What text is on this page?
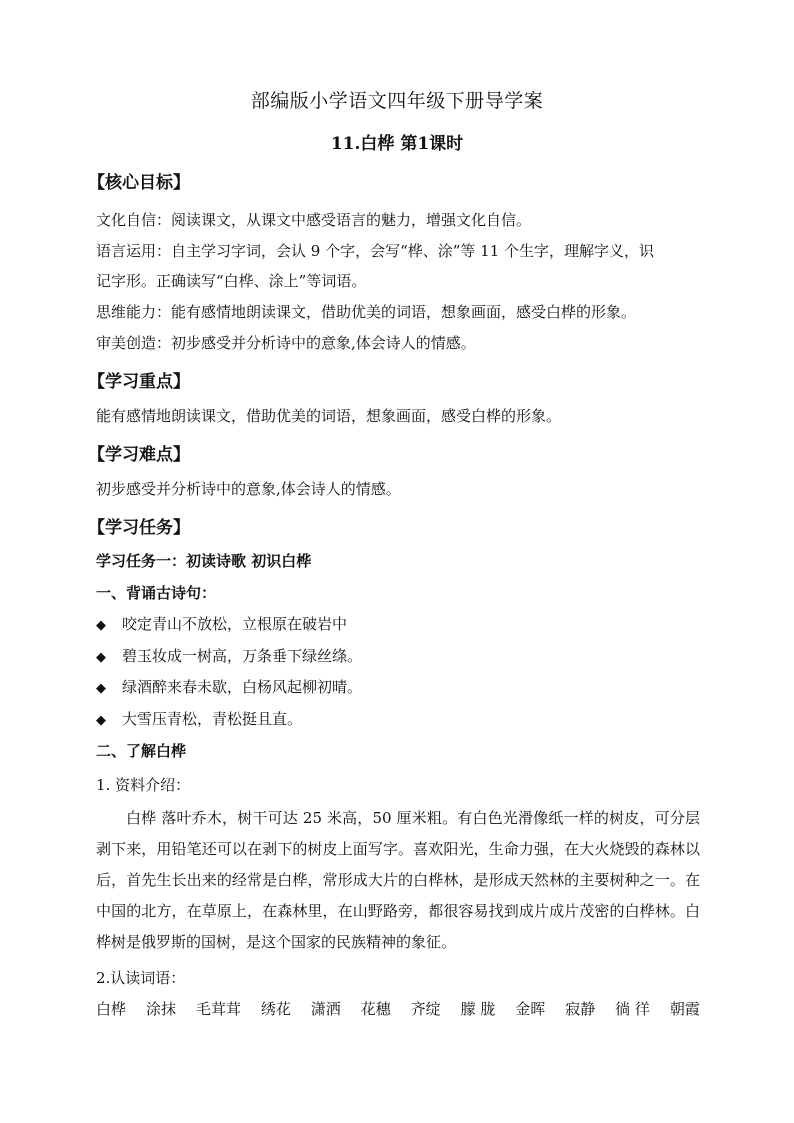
部编版小学语文四年级下册导学案
11.白桦 第1课时
【核心目标】
文化自信：阅读课文，从课文中感受语言的魅力，增强文化自信。
语言运用：自主学习字词，会认 9 个字，会写“桦、涂”等 11 个生字，理解字义，识
记字形。正确读写“白桦、涂上”等词语。
思维能力：能有感情地朗读课文，借助优美的词语，想象画面，感受白桦的形象。
审美创造：初步感受并分析诗中的意象,体会诗人的情感。
【学习重点】
能有感情地朗读课文，借助优美的词语，想象画面，感受白桦的形象。
【学习难点】
初步感受并分析诗中的意象,体会诗人的情感。
【学习任务】
学习任务一：初读诗歌 初识白桦
一、背诵古诗句：
◆ 咬定青山不放松，立根原在破岩中
◆ 碧玉妆成一树高，万条垂下绿丝绦。
◆ 绿酒醉来春未歇，白杨风起柳初晴。
◆ 大雪压青松，青松挺且直。
二、了解白桦
1. 资料介绍：

白桦 落叶乔木，树干可达 25 米高，50 厘米粗。有白色光滑像纸一样的树皮，可分层剥下来，用铅笔还可以在剥下的树皮上面写字。喜欢阳光，生命力强，在大火烧毁的森林以后，首先生长出来的经常是白桦，常形成大片的白桦林，是形成天然林的主要树种之一。在中国的北方，在草原上，在森林里，在山野路旁，都很容易找到成片成片茂密的白桦林。白桦树是俄罗斯的国树，是这个国家的民族精神的象征。

2.认读词语：
白桦 涂抹 毛茸茸 绣花 潇洒 花穗 齐绽 朦 胧 金晖 寂静 徜 徉 朝霞
